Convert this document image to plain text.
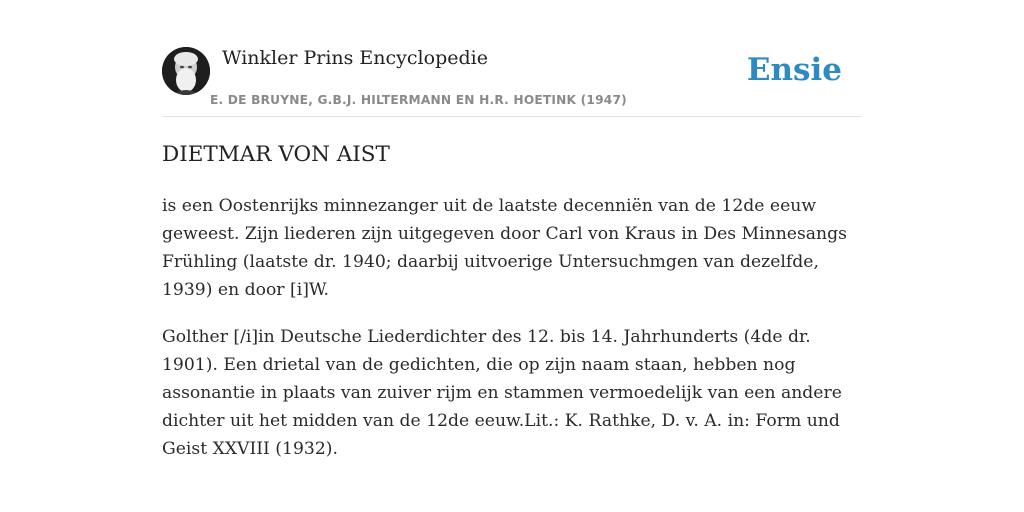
Winkler Prins Encyclopedie
E. DE BRUYNE, G.B.J. HILTERMANN EN H.R. HOETINK (1947)
Ensie
DIETMAR VON AIST

is een Oostenrijks minnezanger uit de laatste decenniën van de 12de eeuw geweest. Zijn liederen zijn uitgegeven door Carl von Kraus in Des Minnesangs Frühling (laatste dr. 1940; daarbij uitvoerige Untersuchmgen van dezelfde, 1939) en door [i]W.

Golther [/i]in Deutsche Liederdichter des 12. bis 14. Jahrhunderts (4de dr. 1901). Een drietal van de gedichten, die op zijn naam staan, hebben nog assonantie in plaats van zuiver rijm en stammen vermoedelijk van een andere dichter uit het midden van de 12de eeuw.Lit.: K. Rathke, D. v. A. in: Form und Geist XXVIII (1932).
